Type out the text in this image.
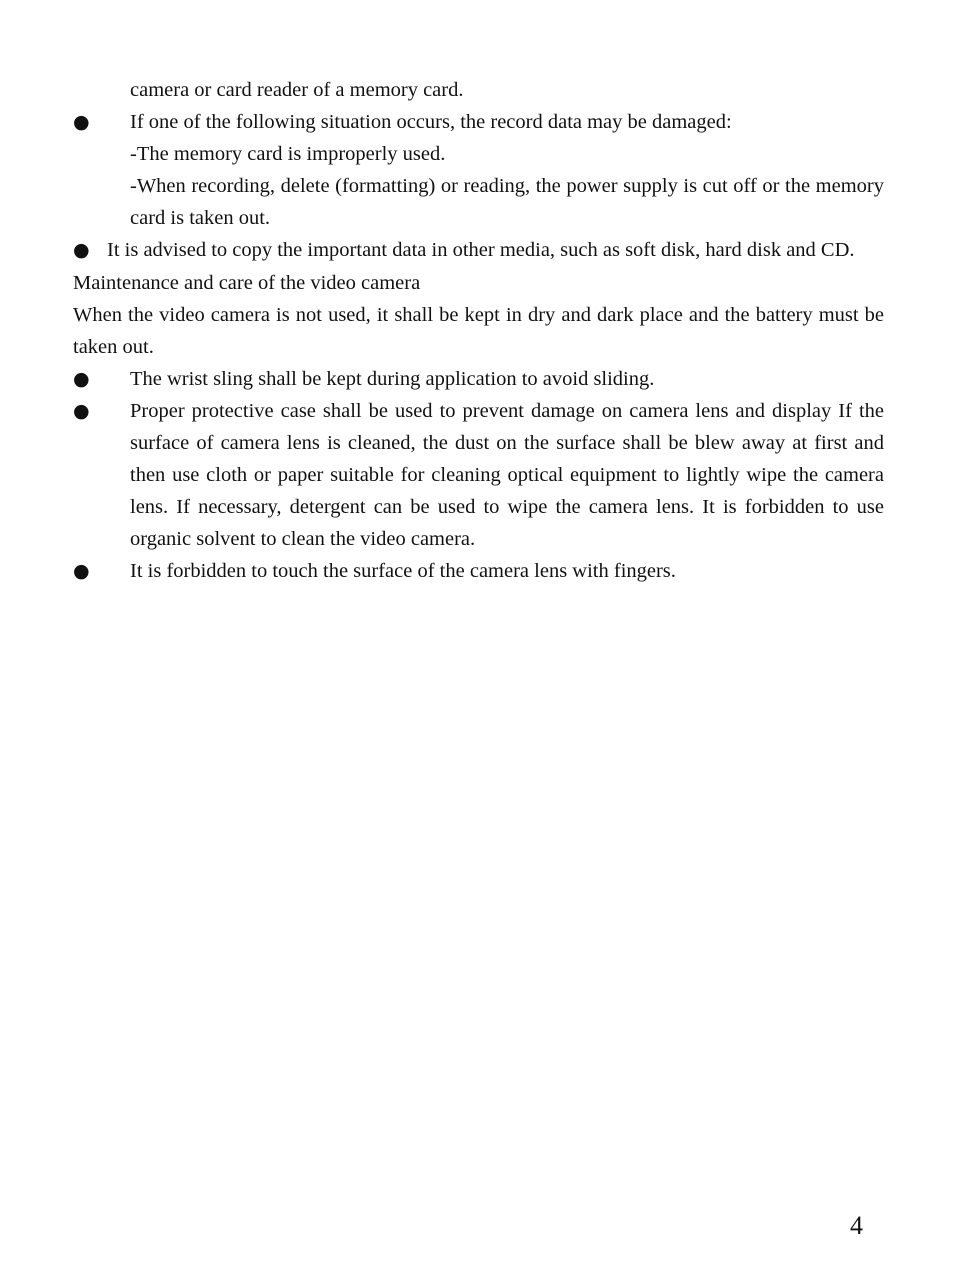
camera or card reader of a memory card.
● If one of the following situation occurs, the record data may be damaged:
-The memory card is improperly used.
-When recording, delete (formatting) or reading, the power supply is cut off or the memory card is taken out.
● It is advised to copy the important data in other media, such as soft disk, hard disk and CD.
Maintenance and care of the video camera
When the video camera is not used, it shall be kept in dry and dark place and the battery must be taken out.
● The wrist sling shall be kept during application to avoid sliding.
● Proper protective case shall be used to prevent damage on camera lens and display If the surface of camera lens is cleaned, the dust on the surface shall be blew away at first and then use cloth or paper suitable for cleaning optical equipment to lightly wipe the camera lens. If necessary, detergent can be used to wipe the camera lens. It is forbidden to use organic solvent to clean the video camera.
● It is forbidden to touch the surface of the camera lens with fingers.
4
